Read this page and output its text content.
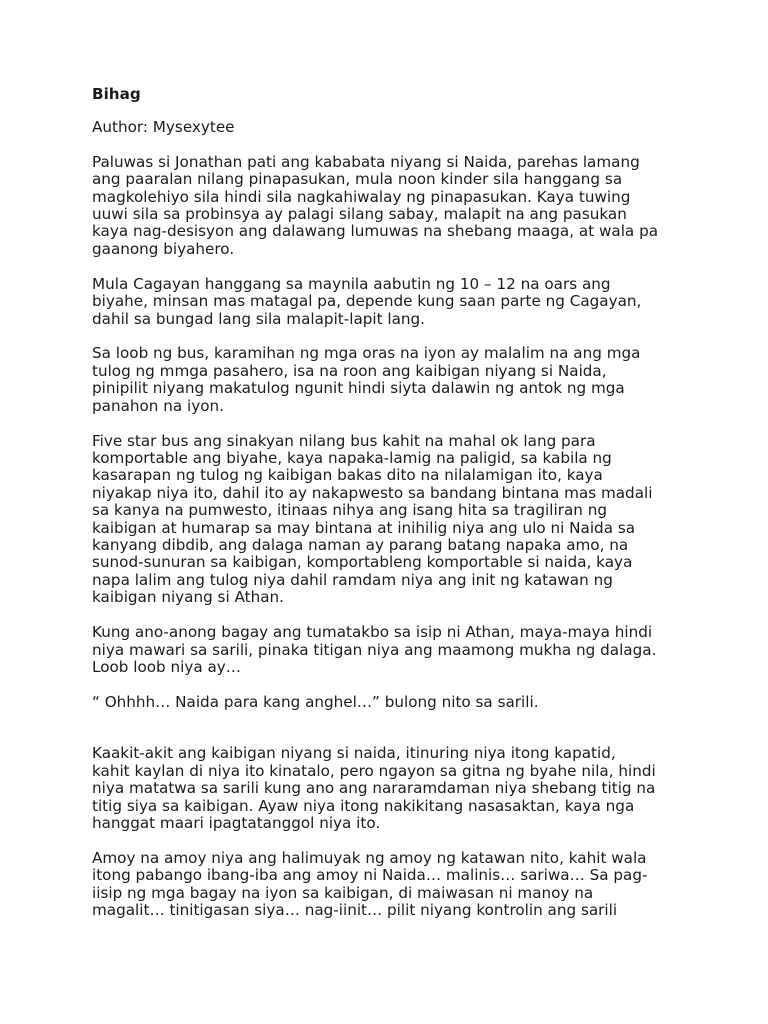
Bihag
Author: Mysexytee
Paluwas si Jonathan pati ang kababata niyang si Naida, parehas lamang
ang paaralan nilang pinapasukan, mula noon kinder sila hanggang sa
magkolehiyo sila hindi sila nagkahiwalay ng pinapasukan. Kaya tuwing
uuwi sila sa probinsya ay palagi silang sabay, malapit na ang pasukan
kaya nag-desisyon ang dalawang lumuwas na shebang maaga, at wala pa
gaanong biyahero.
Mula Cagayan hanggang sa maynila aabutin ng 10 – 12 na oars ang
biyahe, minsan mas matagal pa, depende kung saan parte ng Cagayan,
dahil sa bungad lang sila malapit-lapit lang.
Sa loob ng bus, karamihan ng mga oras na iyon ay malalim na ang mga
tulog ng mmga pasahero, isa na roon ang kaibigan niyang si Naida,
pinipilit niyang makatulog ngunit hindi siyta dalawin ng antok ng mga
panahon na iyon.
Five star bus ang sinakyan nilang bus kahit na mahal ok lang para
komportable ang biyahe, kaya napaka-lamig na paligid, sa kabila ng
kasarapan ng tulog ng kaibigan bakas dito na nilalamigan ito, kaya
niyakap niya ito, dahil ito ay nakapwesto sa bandang bintana mas madali
sa kanya na pumwesto, itinaas nihya ang isang hita sa tragiliran ng
kaibigan at humarap sa may bintana at inihilig niya ang ulo ni Naida sa
kanyang dibdib, ang dalaga naman ay parang batang napaka amo, na
sunod-sunuran sa kaibigan, komportableng komportable si naida, kaya
napa lalim ang tulog niya dahil ramdam niya ang init ng katawan ng
kaibigan niyang si Athan.
Kung ano-anong bagay ang tumatakbo sa isip ni Athan, maya-maya hindi
niya mawari sa sarili, pinaka titigan niya ang maamong mukha ng dalaga.
Loob loob niya ay…
“ Ohhhh… Naida para kang anghel…” bulong nito sa sarili.
Kaakit-akit ang kaibigan niyang si naida, itinuring niya itong kapatid,
kahit kaylan di niya ito kinatalo, pero ngayon sa gitna ng byahe nila, hindi
niya matatwa sa sarili kung ano ang nararamdaman niya shebang titig na
titig siya sa kaibigan. Ayaw niya itong nakikitang nasasaktan, kaya nga
hanggat maari ipagtatanggol niya ito.
Amoy na amoy niya ang halimuyak ng amoy ng katawan nito, kahit wala
itong pabango ibang-iba ang amoy ni Naida… malinis… sariwa… Sa pag-
iisip ng mga bagay na iyon sa kaibigan, di maiwasan ni manoy na
magalit… tinitigasan siya… nag-iinit… pilit niyang kontrolin ang sarili
